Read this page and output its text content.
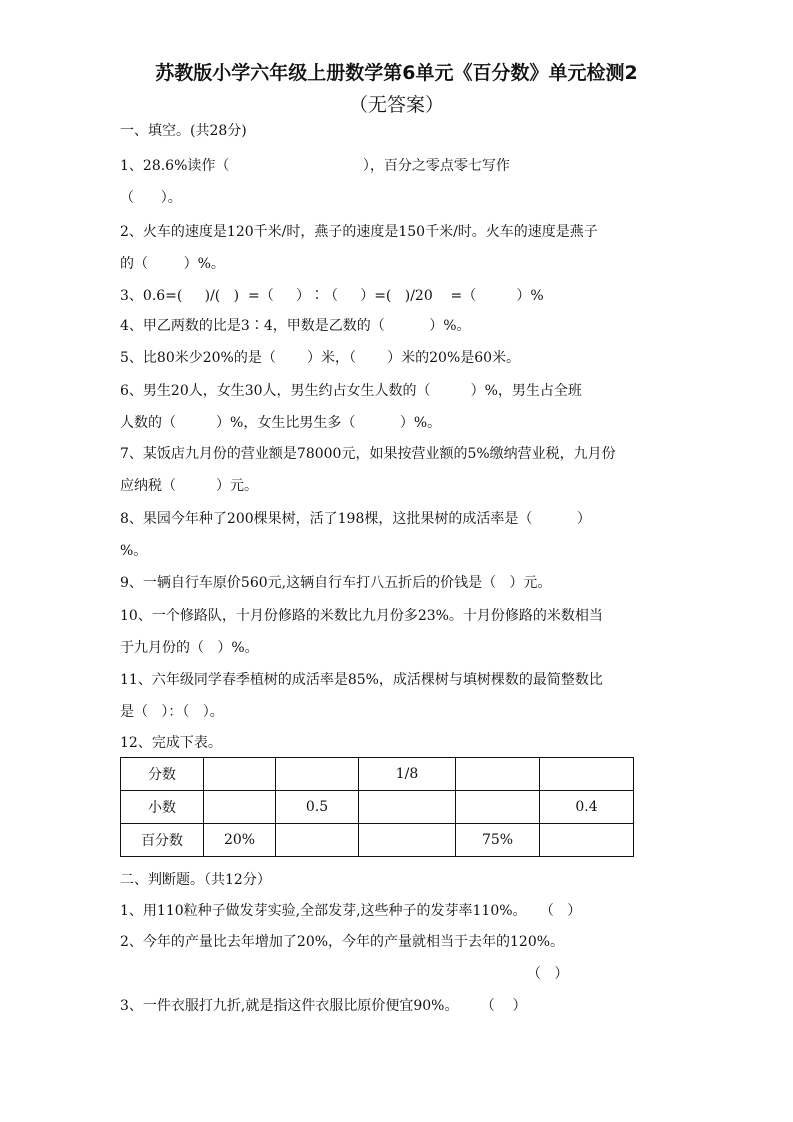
苏教版小学六年级上册数学第6单元《百分数》单元检测2
（无答案）
一、填空。(共28分)
1、28.6%读作（                              ），百分之零点零七写作
（      ）。
2、火车的速度是120千米/时，燕子的速度是150千米/时。火车的速度是燕子
的（        ）%。
3、0.6=(     )/(   )  =（     ）∶（     ）=(   )/20    =（         ）%
4、甲乙两数的比是3∶4，甲数是乙数的（          ）%。
5、比80米少20%的是（       ）米，（       ）米的20%是60米。
6、男生20人，女生30人，男生约占女生人数的（         ）%，男生占全班
人数的（         ）%，女生比男生多（          ）%。
7、某饭店九月份的营业额是78000元，如果按营业额的5%缴纳营业税，九月份
应纳税（         ）元。
8、果园今年种了200棵果树，活了198棵，这批果树的成活率是（          ）
%。
9、一辆自行车原价560元,这辆自行车打八五折后的价钱是（   ）元。
10、一个修路队，十月份修路的米数比九月份多23%。十月份修路的米数相当
于九月份的（   ）%。
11、六年级同学春季植树的成活率是85%，成活棵树与填树棵数的最简整数比
是（   ）：（   ）。
12、完成下表。
分数			1/8		
小数		0.5			0.4
百分数	20%			75%	
二、判断题。（共12分）
1、用110粒种子做发芽实验,全部发芽,这些种子的发芽率110%。   （   ）
2、今年的产量比去年增加了20%，今年的产量就相当于去年的120%。
（   ）
3、一件衣服打九折,就是指这件衣服比原价便宜90%。     （    ）
